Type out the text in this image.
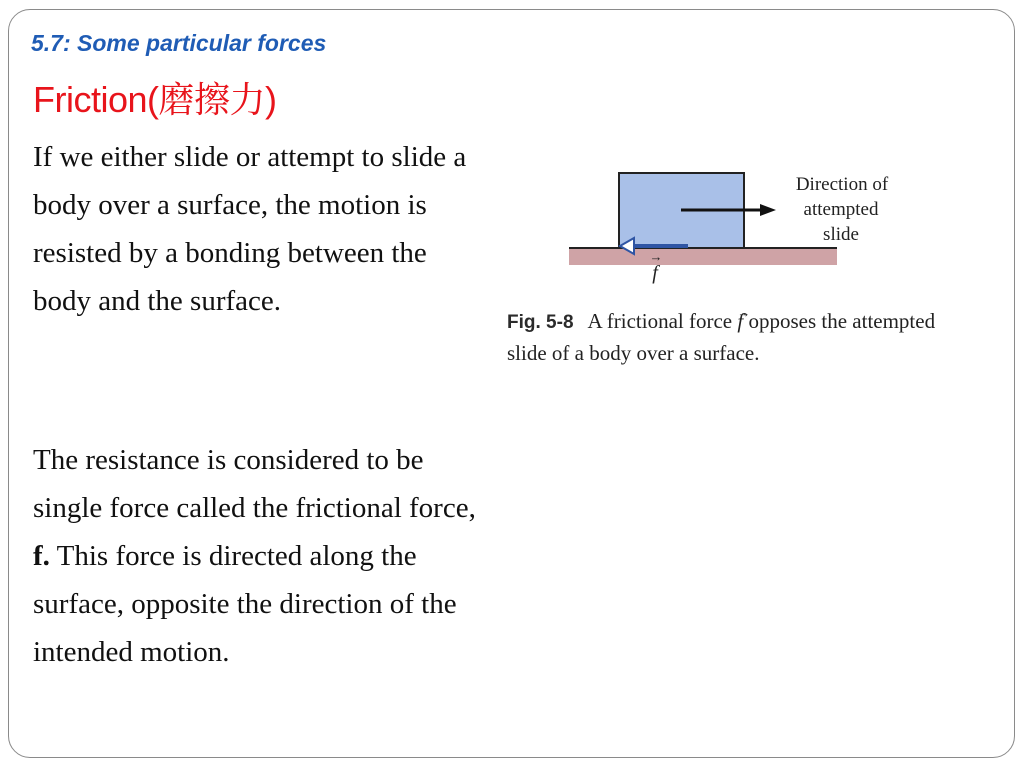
5.7: Some particular forces
Friction(磨擦力)
If we either slide or attempt to slide a body over a surface, the motion is resisted by a bonding between the body and the surface.
The resistance is considered to be single force called the frictional force, f. This force is directed along the surface, opposite the direction of the intended motion.
Direction of
attempted
slide
f
→
Fig. 5-8 A frictional force → f opposes the attempted slide of a body over a surface.
